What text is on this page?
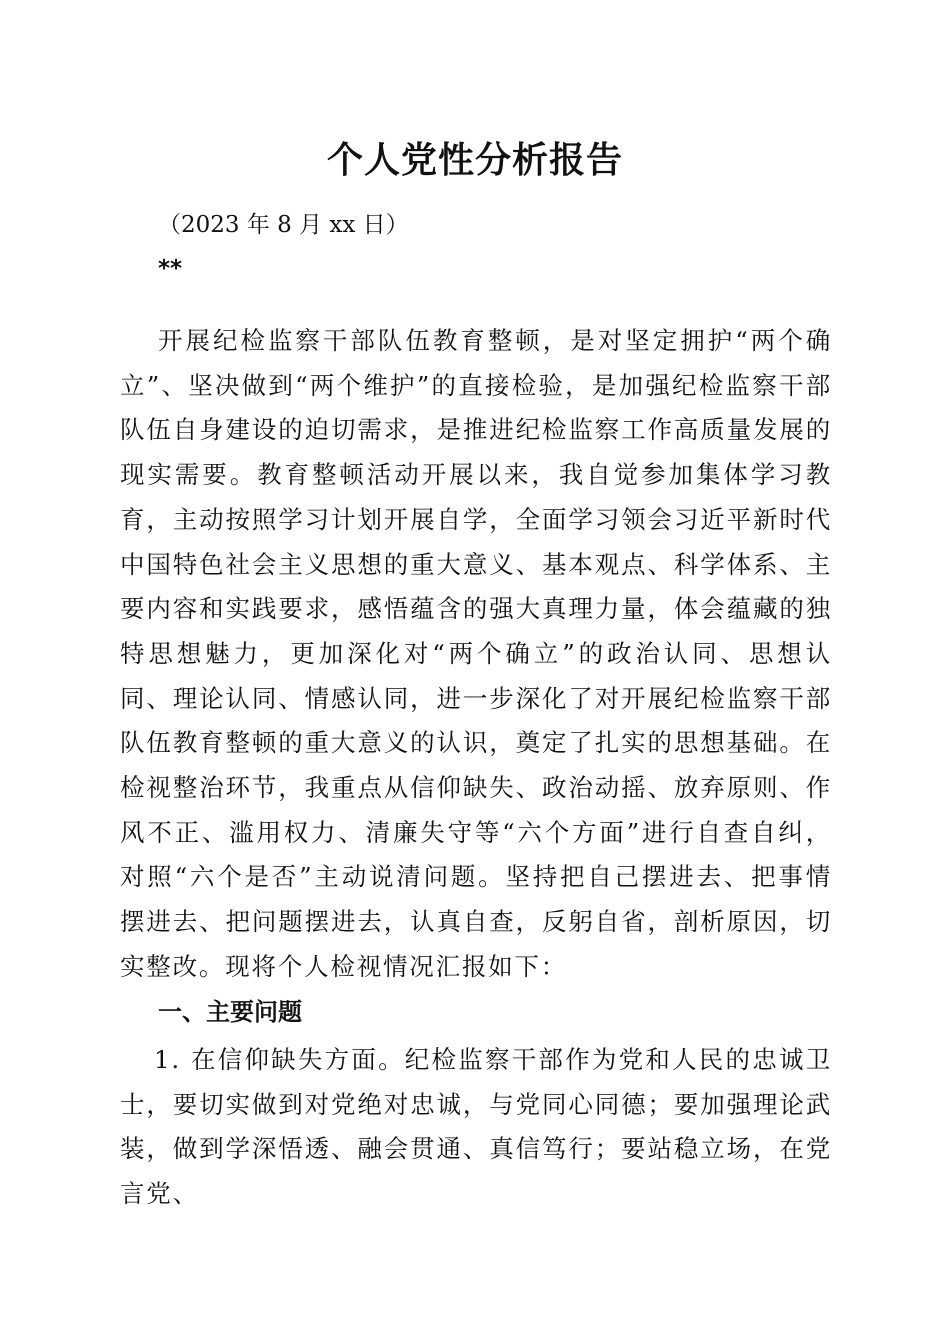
个人党性分析报告
（2023 年 8 月 xx 日）
**

开展纪检监察干部队伍教育整顿，是对坚定拥护“两个确立”、坚决做到“两个维护”的直接检验，是加强纪检监察干部队伍自身建设的迫切需求，是推进纪检监察工作高质量发展的现实需要。教育整顿活动开展以来，我自觉参加集体学习教育，主动按照学习计划开展自学，全面学习领会习近平新时代中国特色社会主义思想的重大意义、基本观点、科学体系、主要内容和实践要求，感悟蕴含的强大真理力量，体会蕴藏的独特思想魅力，更加深化对“两个确立”的政治认同、思想认同、理论认同、情感认同，进一步深化了对开展纪检监察干部队伍教育整顿的重大意义的认识，奠定了扎实的思想基础。在检视整治环节，我重点从信仰缺失、政治动摇、放弃原则、作风不正、滥用权力、清廉失守等“六个方面”进行自查自纠，对照“六个是否”主动说清问题。坚持把自己摆进去、把事情摆进去、把问题摆进去，认真自查，反躬自省，剖析原因，切实整改。现将个人检视情况汇报如下：

一、主要问题

1. 在信仰缺失方面。纪检监察干部作为党和人民的忠诚卫士，要切实做到对党绝对忠诚，与党同心同德；要加强理论武装，做到学深悟透、融会贯通、真信笃行；要站稳立场，在党言党、
